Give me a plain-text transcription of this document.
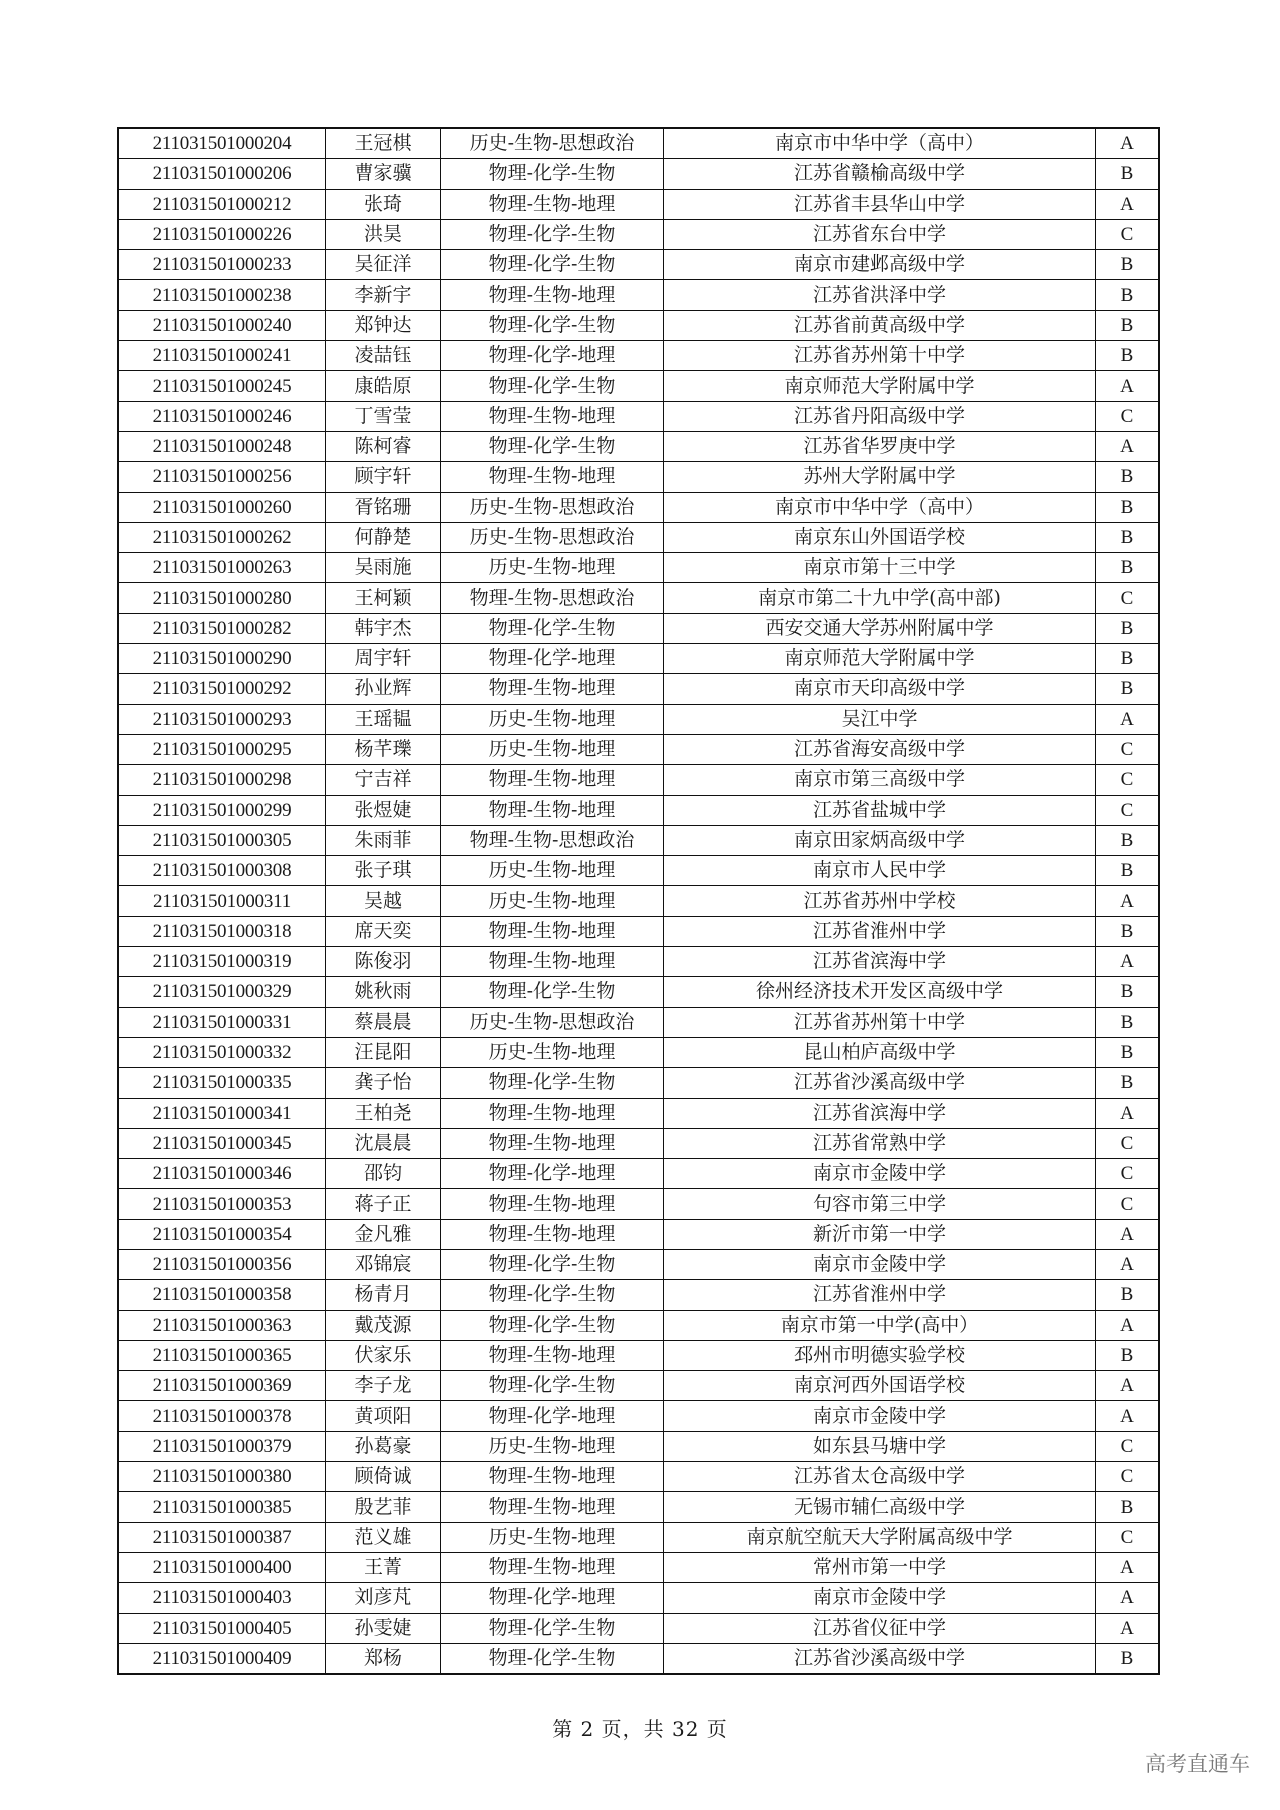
211031501000204	王冠棋	历史-生物-思想政治	南京市中华中学（高中）	A
211031501000206	曹家骥	物理-化学-生物	江苏省赣榆高级中学	B
211031501000212	张琦	物理-生物-地理	江苏省丰县华山中学	A
211031501000226	洪昊	物理-化学-生物	江苏省东台中学	C
211031501000233	吴征洋	物理-化学-生物	南京市建邺高级中学	B
211031501000238	李新宇	物理-生物-地理	江苏省洪泽中学	B
211031501000240	郑钟达	物理-化学-生物	江苏省前黄高级中学	B
211031501000241	凌喆钰	物理-化学-地理	江苏省苏州第十中学	B
211031501000245	康皓原	物理-化学-生物	南京师范大学附属中学	A
211031501000246	丁雪莹	物理-生物-地理	江苏省丹阳高级中学	C
211031501000248	陈柯睿	物理-化学-生物	江苏省华罗庚中学	A
211031501000256	顾宇轩	物理-生物-地理	苏州大学附属中学	B
211031501000260	胥铭珊	历史-生物-思想政治	南京市中华中学（高中）	B
211031501000262	何静楚	历史-生物-思想政治	南京东山外国语学校	B
211031501000263	吴雨施	历史-生物-地理	南京市第十三中学	B
211031501000280	王柯颖	物理-生物-思想政治	南京市第二十九中学(高中部)	C
211031501000282	韩宇杰	物理-化学-生物	西安交通大学苏州附属中学	B
211031501000290	周宇轩	物理-化学-地理	南京师范大学附属中学	B
211031501000292	孙业辉	物理-生物-地理	南京市天印高级中学	B
211031501000293	王瑶韫	历史-生物-地理	吴江中学	A
211031501000295	杨芊瓅	历史-生物-地理	江苏省海安高级中学	C
211031501000298	宁吉祥	物理-生物-地理	南京市第三高级中学	C
211031501000299	张煜婕	物理-生物-地理	江苏省盐城中学	C
211031501000305	朱雨菲	物理-生物-思想政治	南京田家炳高级中学	B
211031501000308	张子琪	历史-生物-地理	南京市人民中学	B
211031501000311	吴越	历史-生物-地理	江苏省苏州中学校	A
211031501000318	席天奕	物理-生物-地理	江苏省淮州中学	B
211031501000319	陈俊羽	物理-生物-地理	江苏省滨海中学	A
211031501000329	姚秋雨	物理-化学-生物	徐州经济技术开发区高级中学	B
211031501000331	蔡晨晨	历史-生物-思想政治	江苏省苏州第十中学	B
211031501000332	汪昆阳	历史-生物-地理	昆山柏庐高级中学	B
211031501000335	龚子怡	物理-化学-生物	江苏省沙溪高级中学	B
211031501000341	王柏尧	物理-生物-地理	江苏省滨海中学	A
211031501000345	沈晨晨	物理-生物-地理	江苏省常熟中学	C
211031501000346	邵钧	物理-化学-地理	南京市金陵中学	C
211031501000353	蒋子正	物理-生物-地理	句容市第三中学	C
211031501000354	金凡雅	物理-生物-地理	新沂市第一中学	A
211031501000356	邓锦宸	物理-化学-生物	南京市金陵中学	A
211031501000358	杨青月	物理-化学-生物	江苏省淮州中学	B
211031501000363	戴茂源	物理-化学-生物	南京市第一中学(高中）	A
211031501000365	伏家乐	物理-生物-地理	邳州市明德实验学校	B
211031501000369	李子龙	物理-化学-生物	南京河西外国语学校	A
211031501000378	黄项阳	物理-化学-地理	南京市金陵中学	A
211031501000379	孙葛豪	历史-生物-地理	如东县马塘中学	C
211031501000380	顾倚诚	物理-生物-地理	江苏省太仓高级中学	C
211031501000385	殷艺菲	物理-生物-地理	无锡市辅仁高级中学	B
211031501000387	范义雄	历史-生物-地理	南京航空航天大学附属高级中学	C
211031501000400	王菁	物理-生物-地理	常州市第一中学	A
211031501000403	刘彦芃	物理-化学-地理	南京市金陵中学	A
211031501000405	孙雯婕	物理-化学-生物	江苏省仪征中学	A
211031501000409	郑杨	物理-化学-生物	江苏省沙溪高级中学	B
第 2 页，共 32 页
高考直通车
